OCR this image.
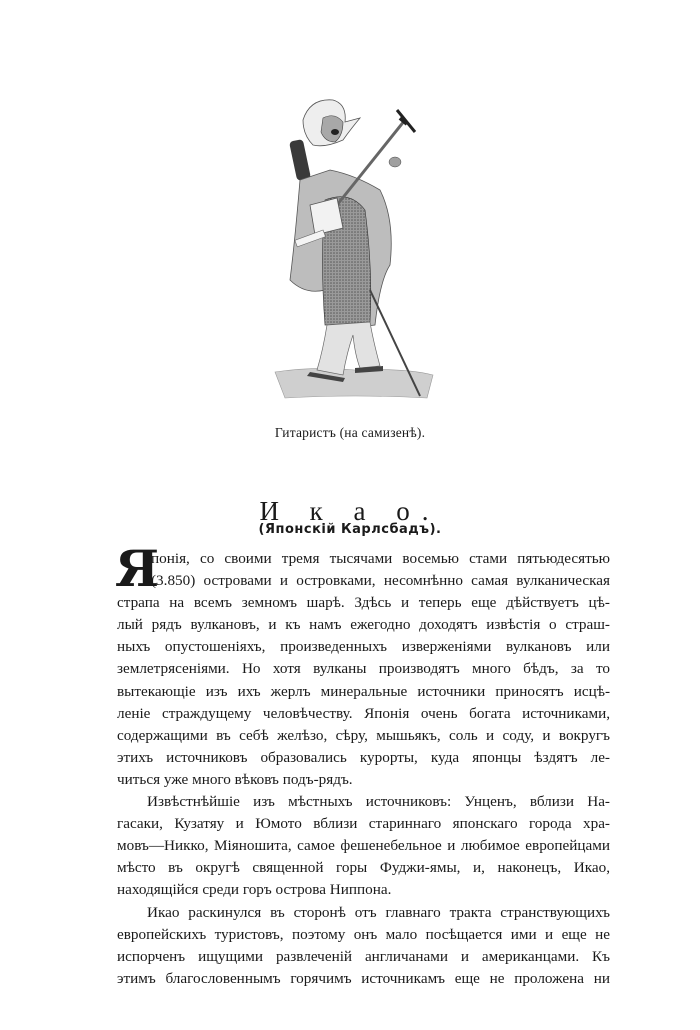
Гитаристъ (на самизенѣ).
И к а о.
(Японскій Карлсбадъ).
Я
понія, со своими тремя тысячами восемью стами пятьюдесятью
(3.850) островами и островками, несомнѣнно самая вулканическая
страпа на всемъ земномъ шарѣ. Здѣсь и теперь еще дѣйствуетъ цѣ-
лый рядъ вулкановъ, и къ намъ ежегодно доходятъ извѣстія о страш-
ныхъ опустошеніяхъ, произведенныхъ изверженіями вулкановъ или
землетрясеніями. Но хотя вулканы производятъ много бѣдъ, за то
вытекающіе изъ ихъ жерлъ минеральные источники приносятъ исцѣ-
леніе страждущему человѣчеству. Японія очень богата источниками,
содержащими въ себѣ желѣзо, сѣру, мышьякъ, соль и соду, и вокругъ
этихъ источниковъ образовались курорты, куда японцы ѣздятъ ле-
читься уже много вѣковъ подъ-рядъ.
Извѣстнѣйшіе изъ мѣстныхъ источниковъ: Унценъ, вблизи На-
гасаки, Кузатяу и Юмото вблизи стариннаго японскаго города хра-
мовъ—Никко, Міяношита, самое фешенебельное и любимое европейцами
мѣсто въ округѣ священной горы Фуджи-ямы, и, наконецъ, Икао,
находящійся среди горъ острова Ниппона.
Икао раскинулся въ сторонѣ отъ главнаго тракта странствующихъ
европейскихъ туристовъ, поэтому онъ мало посѣщается ими и еще не
испорченъ ищущими развлеченій англичанами и американцами. Къ
этимъ благословеннымъ горячимъ источникамъ еще не проложена ни
